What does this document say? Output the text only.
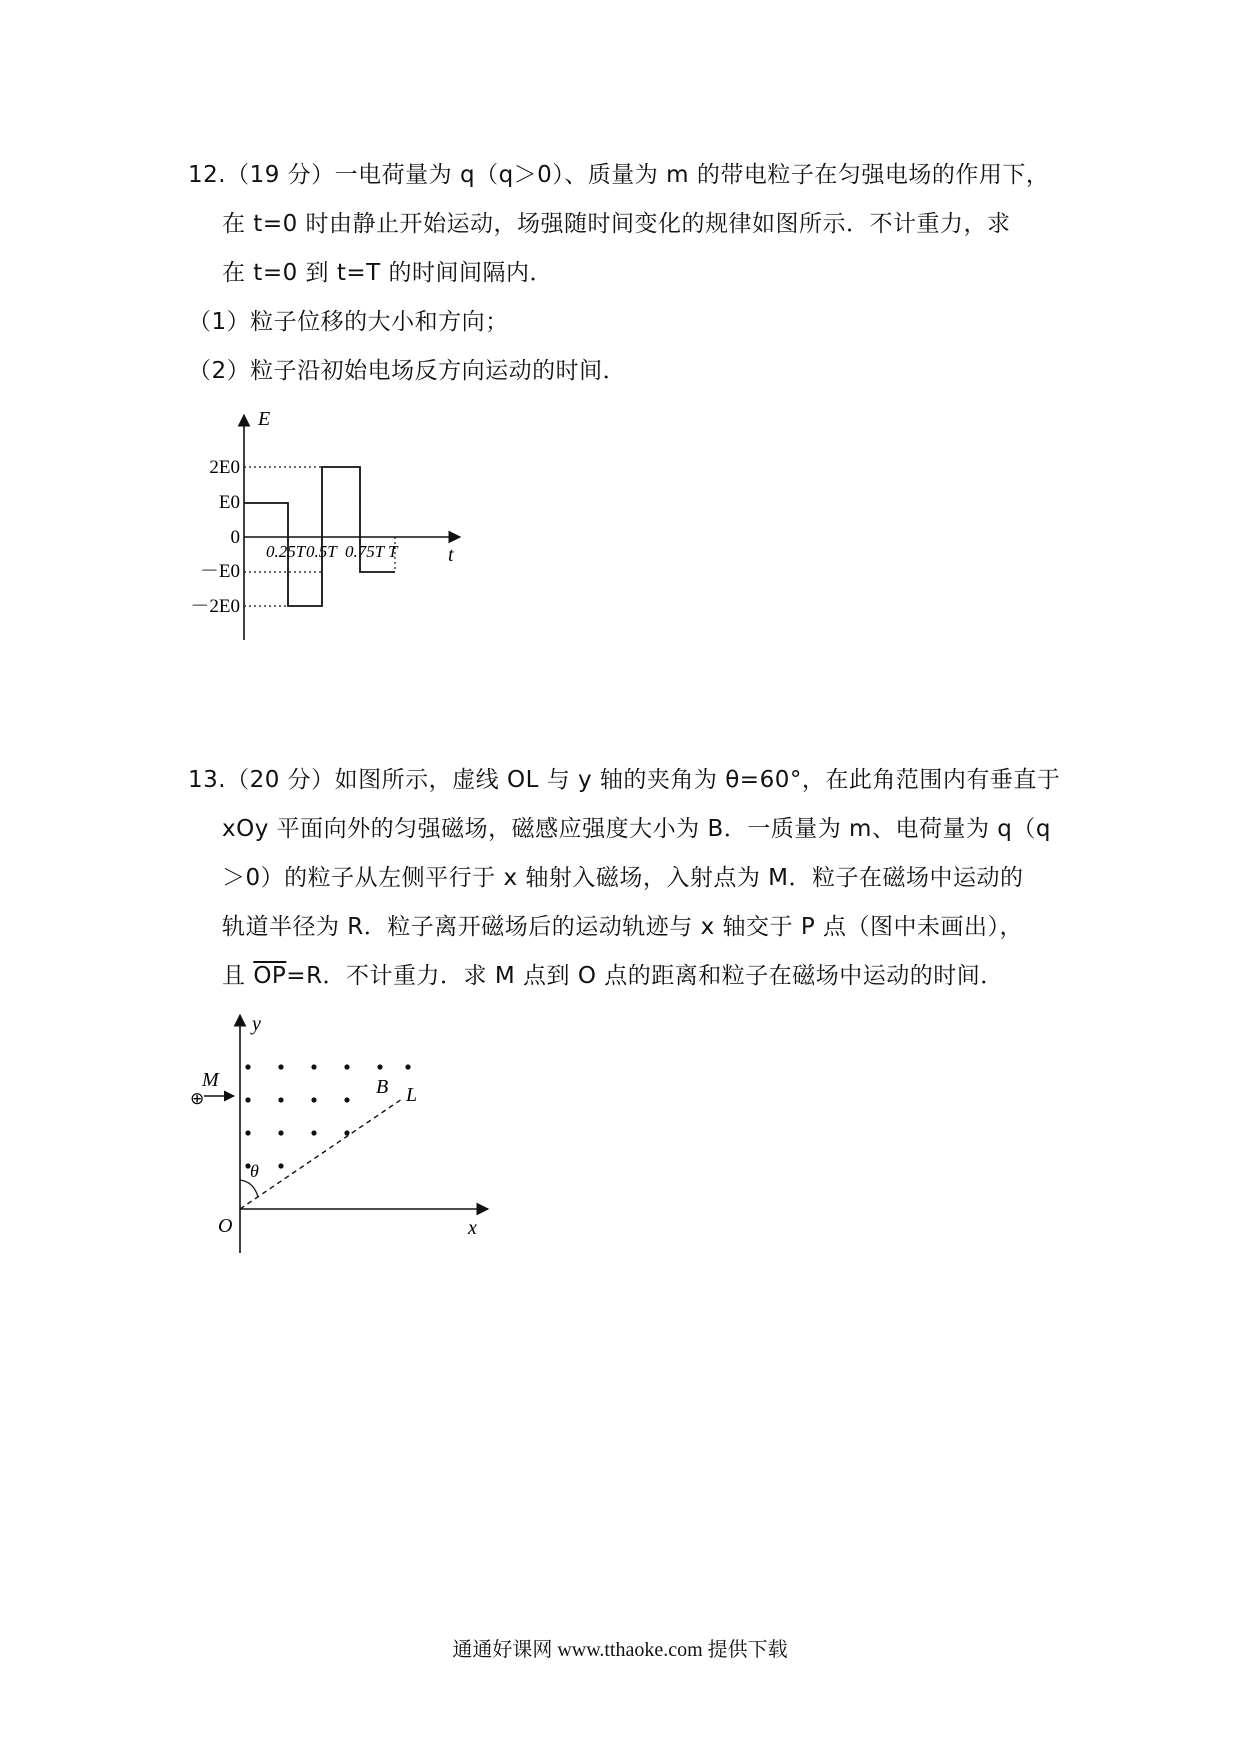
12.（19 分）一电荷量为 q（q＞0）、质量为 m 的带电粒子在匀强电场的作用下，
在 t=0 时由静止开始运动，场强随时间变化的规律如图所示．不计重力，求
在 t=0 到 t=T 的时间间隔内．
（1）粒子位移的大小和方向；
（2）粒子沿初始电场反方向运动的时间．
E
t
2E0
E0
0
－E0
－2E0
0.25T 0.5T 0.75T T
13.（20 分）如图所示，虚线 OL 与 y 轴的夹角为 θ=60°，在此角范围内有垂直于
xOy 平面向外的匀强磁场，磁感应强度大小为 B．一质量为 m、电荷量为 q（q
＞0）的粒子从左侧平行于 x 轴射入磁场，入射点为 M．粒子在磁场中运动的
轨道半径为 R．粒子离开磁场后的运动轨迹与 x 轴交于 P 点（图中未画出），
且 $\overline{OP}=R$．不计重力．求 M 点到 O 点的距离和粒子在磁场中运动的时间．
y
x
O
L
B
θ
⊕
M
通通好课网 www.tthaoke.com 提供下载
